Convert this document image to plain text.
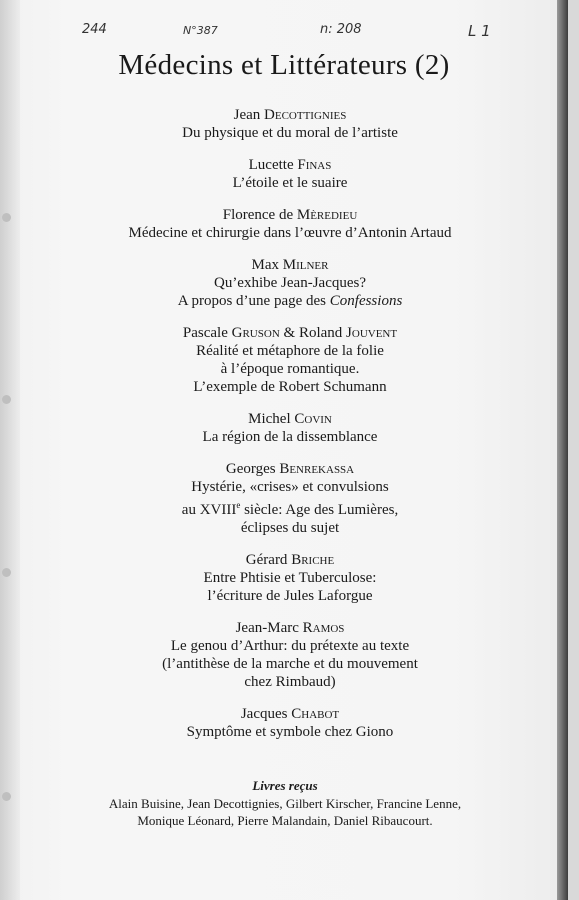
244	N°387	n: 208	L 1
Médecins et Littérateurs (2)
Jean Decottignies
Du physique et du moral de l’artiste
Lucette Finas
L’étoile et le suaire
Florence de Mèredieu
Médecine et chirurgie dans l’œuvre d’Antonin Artaud
Max Milner
Qu’exhibe Jean-Jacques?
A propos d’une page des Confessions
Pascale Gruson & Roland Jouvent
Réalité et métaphore de la folie
à l’époque romantique.
L’exemple de Robert Schumann
Michel Covin
La région de la dissemblance
Georges Benrekassa
Hystérie, «crises» et convulsions
au XVIIIe siècle: Age des Lumières,
éclipses du sujet
Gérard Briche
Entre Phtisie et Tuberculose:
l’écriture de Jules Laforgue
Jean-Marc Ramos
Le genou d’Arthur: du prétexte au texte
(l’antithèse de la marche et du mouvement
chez Rimbaud)
Jacques Chabot
Symptôme et symbole chez Giono
Livres reçus
Alain Buisine, Jean Decottignies, Gilbert Kirscher, Francine Lenne,
Monique Léonard, Pierre Malandain, Daniel Ribaucourt.
